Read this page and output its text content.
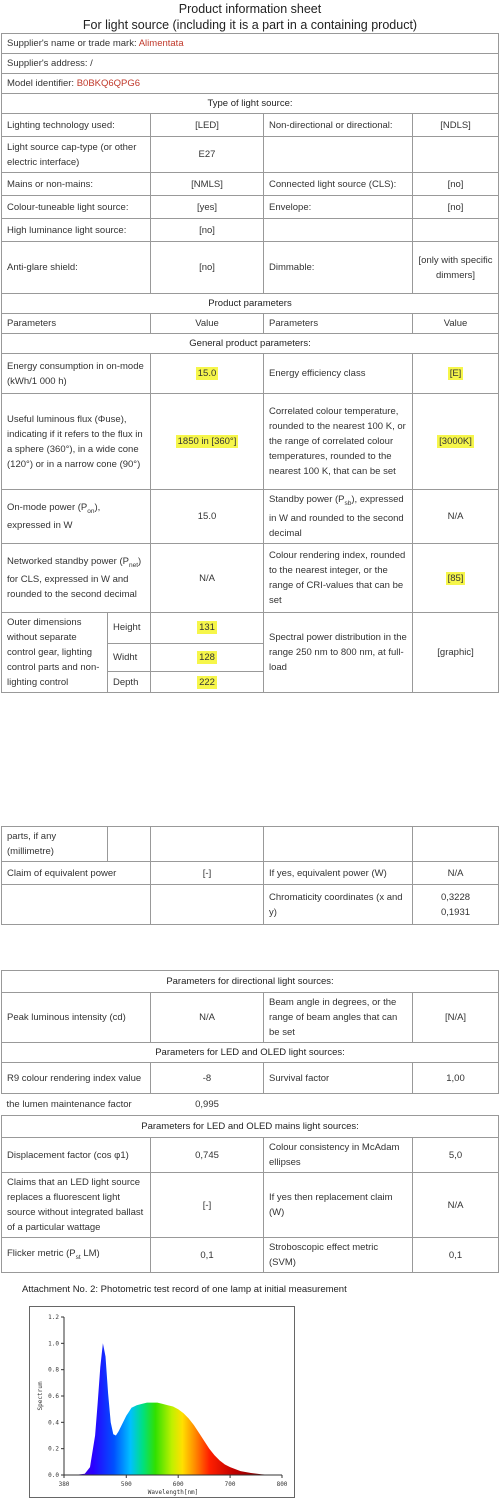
Product information sheet
For light source (including it is a part in a containing product)
Supplier's name or trade mark: Alimentata				
Supplier's address: /				
Model identifier: B0BKQ6QPG6				
Type of light source:				
Lighting technology used:		[LED]	Non-directional or directional:	[NDLS]
Light source cap-type (or other electric interface)		E27		
Mains or non-mains:		[NMLS]	Connected light source (CLS):	[no]
Colour-tuneable light source:		[yes]	Envelope:	[no]
High luminance light source:		[no]		
Anti-glare shield:		[no]	Dimmable:	[only with specific dimmers]
Product parameters				
Parameters		Value	Parameters	Value
General product parameters:				
Energy consumption in on-mode (kWh/1 000 h)		15.0	Energy efficiency class	[E]
Useful luminous flux (Φuse), indicating if it refers to the flux in a sphere (360°), in a wide cone (120°) or in a narrow cone (90°)		1850 in [360°]	Correlated colour temperature, rounded to the nearest 100 K, or the range of correlated colour temperatures, rounded to the nearest 100 K, that can be set	[3000K]
On-mode power $(P_{on})$, expressed in W		15.0	Standby power $(P_{sb})$, expressed in W and rounded to the second decimal	N/A
Networked standby power $(P_{net})$ for CLS, expressed in W and rounded to the second decimal		N/A	Colour rendering index, rounded to the nearest integer, or the range of CRI-values that can be set	[85]
Outer dimensions without separate control gear, lighting control parts and non-lighting control	Height	131	Spectral power distribution in the range 250 nm to 800 nm, at full-load	[graphic]
	Widht	128		
	Depth	222		
parts, if any (millimetre)				
Claim of equivalent power		[-]	If yes, equivalent power (W)	N/A
			Chromaticity coordinates (x and y)	0,3228
0,1931
Parameters for directional light sources:			
Peak luminous intensity (cd)	N/A	Beam angle in degrees, or the range of beam angles that can be set	[N/A]
Parameters for LED and OLED light sources:			
R9 colour rendering index value	-8	Survival factor	1,00
the lumen maintenance factor	0,995		
Parameters for LED and OLED mains light sources:			
Displacement factor (cos φ1)	0,745	Colour consistency in McAdam ellipses	5,0
Claims that an LED light source replaces a fluorescent light source without integrated ballast of a particular wattage	[-]	If yes then replacement claim (W)	N/A
Flicker metric ($P_{st}$ LM)	0,1	Stroboscopic effect metric (SVM)	0,1
Attachment No. 2: Photometric test record of one lamp at initial measurement
380	500	600	700	800
0.0
0.2
0.4
0.6
0.8
1.0
1.2
Wavelength[nm]
Spectrum
